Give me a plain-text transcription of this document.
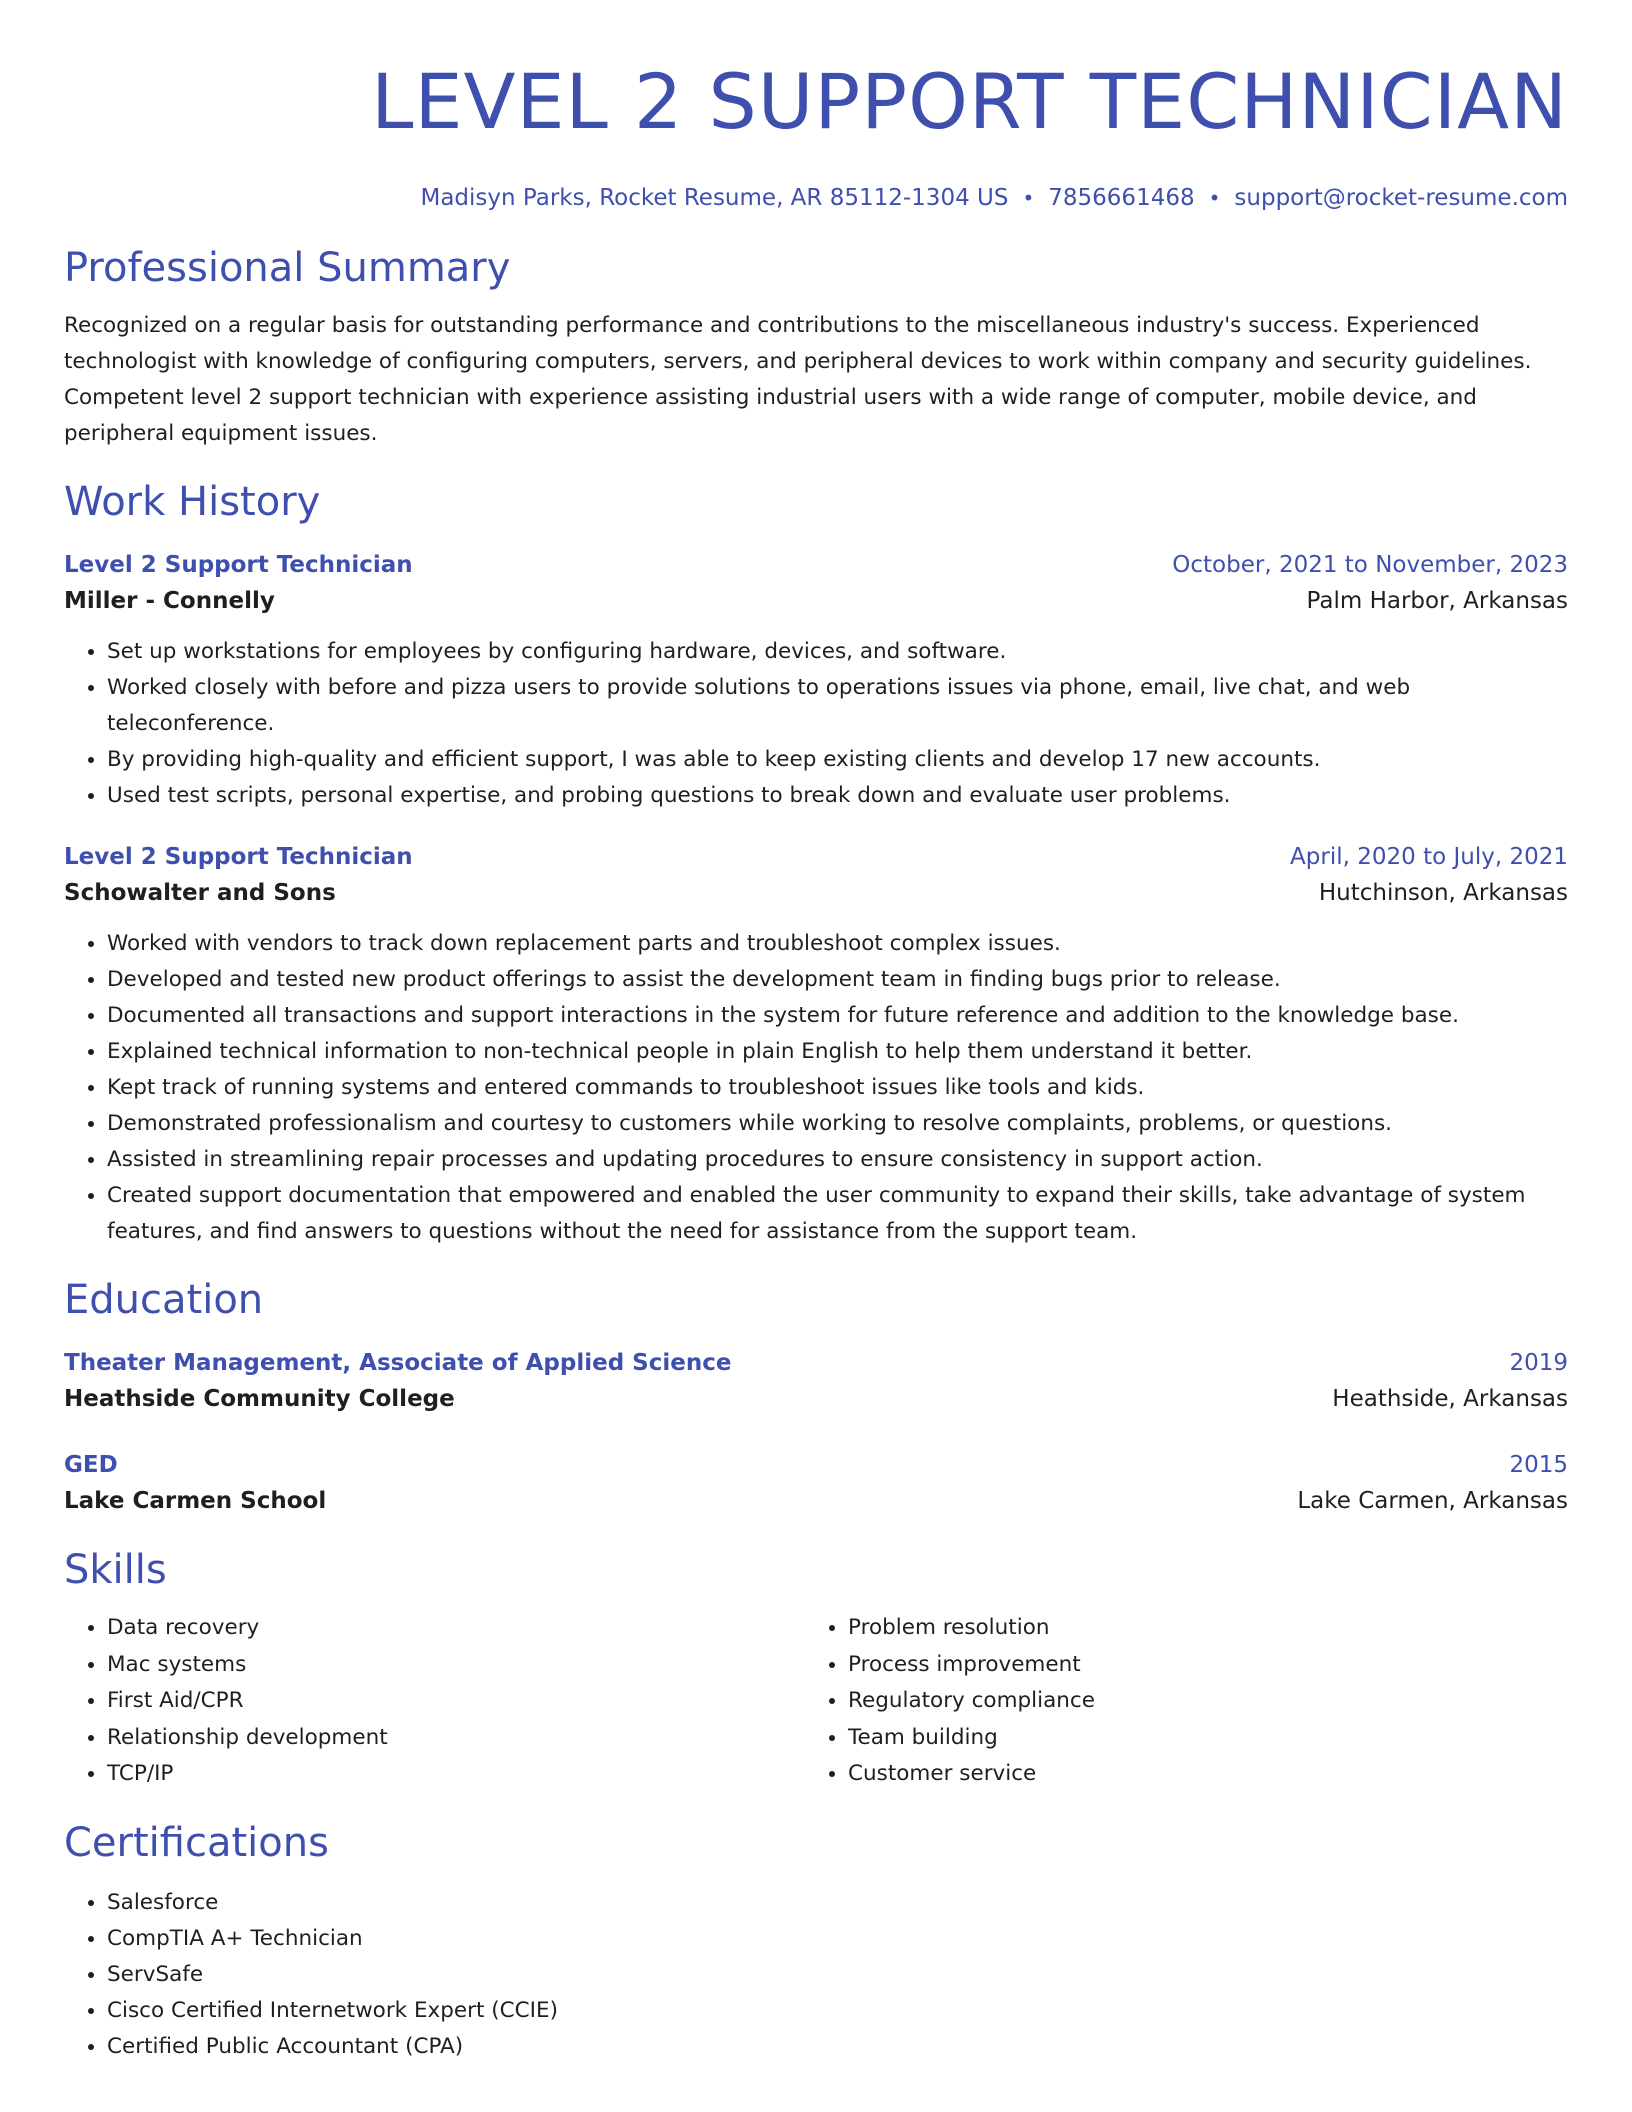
LEVEL 2 SUPPORT TECHNICIAN
Madisyn Parks, Rocket Resume, AR 85112-1304 US • 7856661468 • support@rocket-resume.com
Professional Summary
Recognized on a regular basis for outstanding performance and contributions to the miscellaneous industry's success. Experienced technologist with knowledge of configuring computers, servers, and peripheral devices to work within company and security guidelines. Competent level 2 support technician with experience assisting industrial users with a wide range of computer, mobile device, and peripheral equipment issues.
Work History
Level 2 Support Technician	October, 2021 to November, 2023
Miller - Connelly	Palm Harbor, Arkansas
• Set up workstations for employees by configuring hardware, devices, and software.
• Worked closely with before and pizza users to provide solutions to operations issues via phone, email, live chat, and web teleconference.
• By providing high-quality and efficient support, I was able to keep existing clients and develop 17 new accounts.
• Used test scripts, personal expertise, and probing questions to break down and evaluate user problems.
Level 2 Support Technician	April, 2020 to July, 2021
Schowalter and Sons	Hutchinson, Arkansas
• Worked with vendors to track down replacement parts and troubleshoot complex issues.
• Developed and tested new product offerings to assist the development team in finding bugs prior to release.
• Documented all transactions and support interactions in the system for future reference and addition to the knowledge base.
• Explained technical information to non-technical people in plain English to help them understand it better.
• Kept track of running systems and entered commands to troubleshoot issues like tools and kids.
• Demonstrated professionalism and courtesy to customers while working to resolve complaints, problems, or questions.
• Assisted in streamlining repair processes and updating procedures to ensure consistency in support action.
• Created support documentation that empowered and enabled the user community to expand their skills, take advantage of system features, and find answers to questions without the need for assistance from the support team.
Education
Theater Management, Associate of Applied Science	2019
Heathside Community College	Heathside, Arkansas
GED	2015
Lake Carmen School	Lake Carmen, Arkansas
Skills
• Data recovery
• Mac systems
• First Aid/CPR
• Relationship development
• TCP/IP
• Problem resolution
• Process improvement
• Regulatory compliance
• Team building
• Customer service
Certifications
• Salesforce
• CompTIA A+ Technician
• ServSafe
• Cisco Certified Internetwork Expert (CCIE)
• Certified Public Accountant (CPA)
